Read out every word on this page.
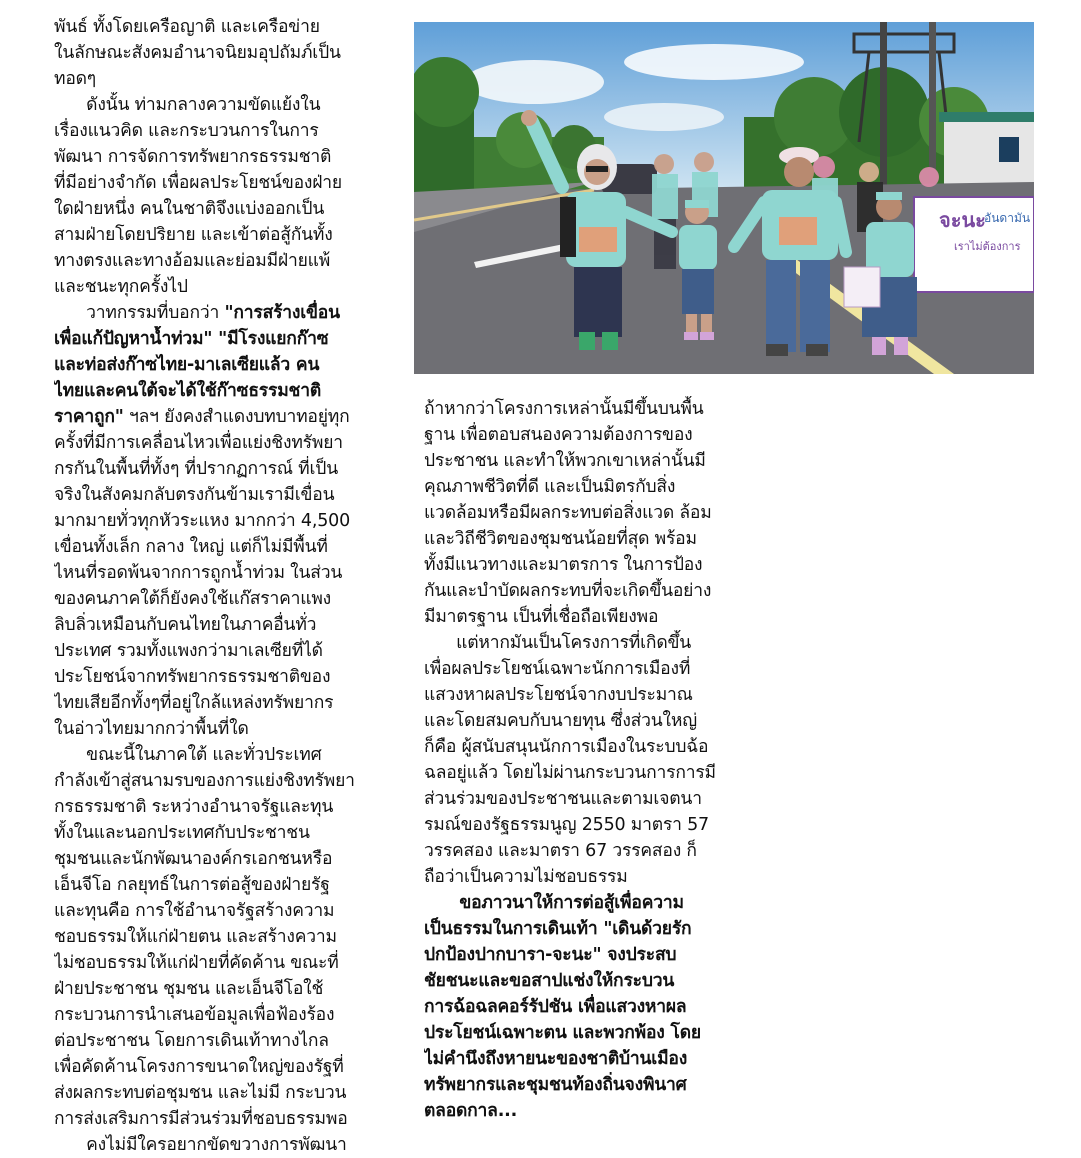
พันธ์ ทั้งโดยเครือญาติ และเครือข่าย
ในลักษณะสังคมอำนาจนิยมอุปถัมภ์เป็น
ทอดๆ
ดังนั้น ท่ามกลางความขัดแย้งใน
เรื่องแนวคิด และกระบวนการในการ
พัฒนา การจัดการทรัพยากรธรรมชาติ
ที่มีอย่างจำกัด เพื่อผลประโยชน์ของฝ่าย
ใดฝ่ายหนึ่ง คนในชาติจึงแบ่งออกเป็น
สามฝ่ายโดยปริยาย และเข้าต่อสู้กันทั้ง
ทางตรงและทางอ้อมและย่อมมีฝ่ายแพ้
และชนะทุกครั้งไป
วาทกรรมที่บอกว่า "การสร้างเขื่อน
เพื่อแก้ปัญหาน้ำท่วม" "มีโรงแยกก๊าซ
และท่อส่งก๊าซไทย-มาเลเซียแล้ว คน
ไทยและคนใต้จะได้ใช้ก๊าซธรรมชาติ
ราคาถูก" ฯลฯ ยังคงสำแดงบทบาทอยู่ทุก
ครั้งที่มีการเคลื่อนไหวเพื่อแย่งชิงทรัพยา
กรกันในพื้นที่ทั้งๆ ที่ปรากฏการณ์ ที่เป็น
จริงในสังคมกลับตรงกันข้ามเรามีเขื่อน
มากมายทั่วทุกหัวระแหง มากกว่า 4,500
เขื่อนทั้งเล็ก กลาง ใหญ่ แต่ก็ไม่มีพื้นที่
ไหนที่รอดพ้นจากการถูกน้ำท่วม ในส่วน
ของคนภาคใต้ก็ยังคงใช้แก๊สราคาแพง
ลิบลิ่วเหมือนกับคนไทยในภาคอื่นทั่ว
ประเทศ รวมทั้งแพงกว่ามาเลเซียที่ได้
ประโยชน์จากทรัพยากรธรรมชาติของ
ไทยเสียอีกทั้งๆที่อยู่ใกล้แหล่งทรัพยากร
ในอ่าวไทยมากกว่าพื้นที่ใด
ขณะนี้ในภาคใต้ และทั่วประเทศ
กำลังเข้าสู่สนามรบของการแย่งชิงทรัพยา
กรธรรมชาติ ระหว่างอำนาจรัฐและทุน
ทั้งในและนอกประเทศกับประชาชน
ชุมชนและนักพัฒนาองค์กรเอกชนหรือ
เอ็นจีโอ กลยุทธ์ในการต่อสู้ของฝ่ายรัฐ
และทุนคือ การใช้อำนาจรัฐสร้างความ
ชอบธรรมให้แก่ฝ่ายตน และสร้างความ
ไม่ชอบธรรมให้แก่ฝ่ายที่คัดค้าน ขณะที่
ฝ่ายประชาชน ชุมชน และเอ็นจีโอใช้
กระบวนการนำเสนอข้อมูลเพื่อฟ้องร้อง
ต่อประชาชน โดยการเดินเท้าทางไกล
เพื่อคัดค้านโครงการขนาดใหญ่ของรัฐที่
ส่งผลกระทบต่อชุมชน และไม่มี กระบวน
การส่งเสริมการมีส่วนร่วมที่ชอบธรรมพอ
คงไม่มีใครอยากขัดขวางการพัฒนา
ถ้าหากว่าโครงการเหล่านั้นมีขึ้นบนพื้น
ฐาน เพื่อตอบสนองความต้องการของ
ประชาชน และทำให้พวกเขาเหล่านั้นมี
คุณภาพชีวิตที่ดี และเป็นมิตรกับสิ่ง
แวดล้อมหรือมีผลกระทบต่อสิ่งแวด ล้อม
และวิถีชีวิตของชุมชนน้อยที่สุด พร้อม
ทั้งมีแนวทางและมาตรการ ในการป้อง
กันและบำบัดผลกระทบที่จะเกิดขึ้นอย่าง
มีมาตรฐาน เป็นที่เชื่อถือเพียงพอ
แต่หากมันเป็นโครงการที่เกิดขึ้น
เพื่อผลประโยชน์เฉพาะนักการเมืองที่
แสวงหาผลประโยชน์จากงบประมาณ
และโดยสมคบกับนายทุน ซึ่งส่วนใหญ่
ก็คือ ผู้สนับสนุนนักการเมืองในระบบฉ้อ
ฉลอยู่แล้ว โดยไม่ผ่านกระบวนการการมี
ส่วนร่วมของประชาชนและตามเจตนา
รมณ์ของรัฐธรรมนูญ 2550 มาตรา 57
วรรคสอง และมาตรา 67 วรรคสอง ก็
ถือว่าเป็นความไม่ชอบธรรม
ขอภาวนาให้การต่อสู้เพื่อความ
เป็นธรรมในการเดินเท้า "เดินด้วยรัก
ปกป้องปากบารา-จะนะ" จงประสบ
ชัยชนะและขอสาปแช่งให้กระบวน
การฉ้อฉลคอร์รัปชัน เพื่อแสวงหาผล
ประโยชน์เฉพาะตน และพวกพ้อง โดย
ไม่คำนึงถึงหายนะของชาติบ้านเมือง
ทรัพยากรและชุมชนท้องถิ่นจงพินาศ
ตลอดกาล...
จะนะ
อันดามัน
เราไม่ต้องการ
